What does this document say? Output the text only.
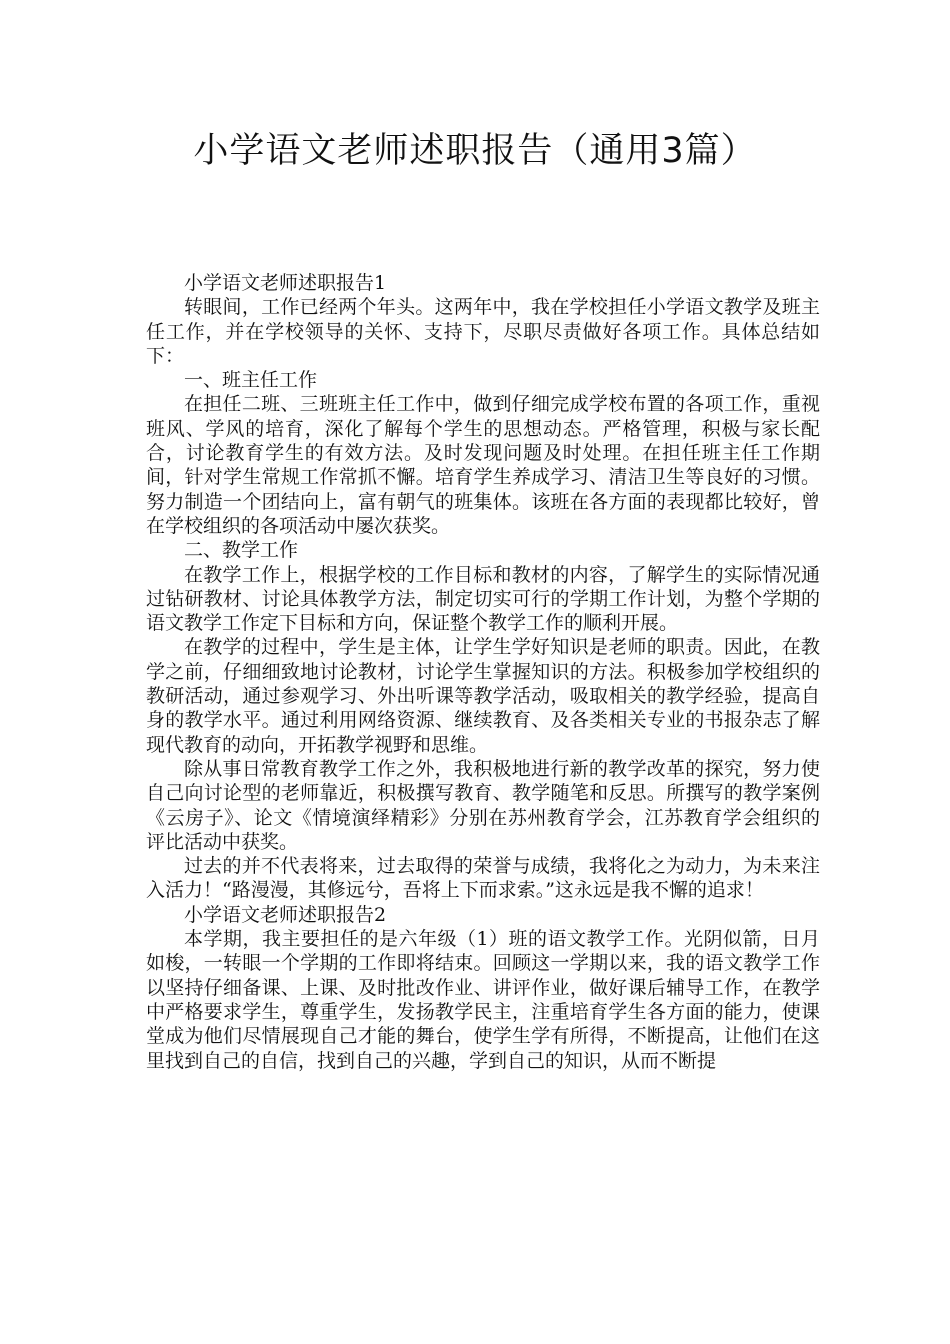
小学语文老师述职报告（通用3篇）

小学语文老师述职报告1

转眼间，工作已经两个年头。这两年中，我在学校担任小学语文教学及班主任工作，并在学校领导的关怀、支持下，尽职尽责做好各项工作。具体总结如下：

一、班主任工作

在担任二班、三班班主任工作中，做到仔细完成学校布置的各项工作，重视班风、学风的培育，深化了解每个学生的思想动态。严格管理，积极与家长配合，讨论教育学生的有效方法。及时发现问题及时处理。在担任班主任工作期间，针对学生常规工作常抓不懈。培育学生养成学习、清洁卫生等良好的习惯。努力制造一个团结向上，富有朝气的班集体。该班在各方面的表现都比较好，曾在学校组织的各项活动中屡次获奖。

二、教学工作

在教学工作上，根据学校的工作目标和教材的内容，了解学生的实际情况通过钻研教材、讨论具体教学方法，制定切实可行的学期工作计划，为整个学期的语文教学工作定下目标和方向，保证整个教学工作的顺利开展。

在教学的过程中，学生是主体，让学生学好知识是老师的职责。因此，在教学之前，仔细细致地讨论教材，讨论学生掌握知识的方法。积极参加学校组织的教研活动，通过参观学习、外出听课等教学活动，吸取相关的教学经验，提高自身的教学水平。通过利用网络资源、继续教育、及各类相关专业的书报杂志了解现代教育的动向，开拓教学视野和思维。

除从事日常教育教学工作之外，我积极地进行新的教学改革的探究，努力使自己向讨论型的老师靠近，积极撰写教育、教学随笔和反思。所撰写的教学案例《云房子》、论文《情境演绎精彩》分别在苏州教育学会，江苏教育学会组织的评比活动中获奖。

过去的并不代表将来，过去取得的荣誉与成绩，我将化之为动力，为未来注入活力！“路漫漫，其修远兮，吾将上下而求索。”这永远是我不懈的追求！

小学语文老师述职报告2

本学期，我主要担任的是六年级（1）班的语文教学工作。光阴似箭，日月如梭，一转眼一个学期的工作即将结束。回顾这一学期以来，我的语文教学工作以坚持仔细备课、上课、及时批改作业、讲评作业，做好课后辅导工作，在教学中严格要求学生，尊重学生，发扬教学民主，注重培育学生各方面的能力，使课堂成为他们尽情展现自己才能的舞台，使学生学有所得，不断提高，让他们在这里找到自己的自信，找到自己的兴趣，学到自己的知识，从而不断提
